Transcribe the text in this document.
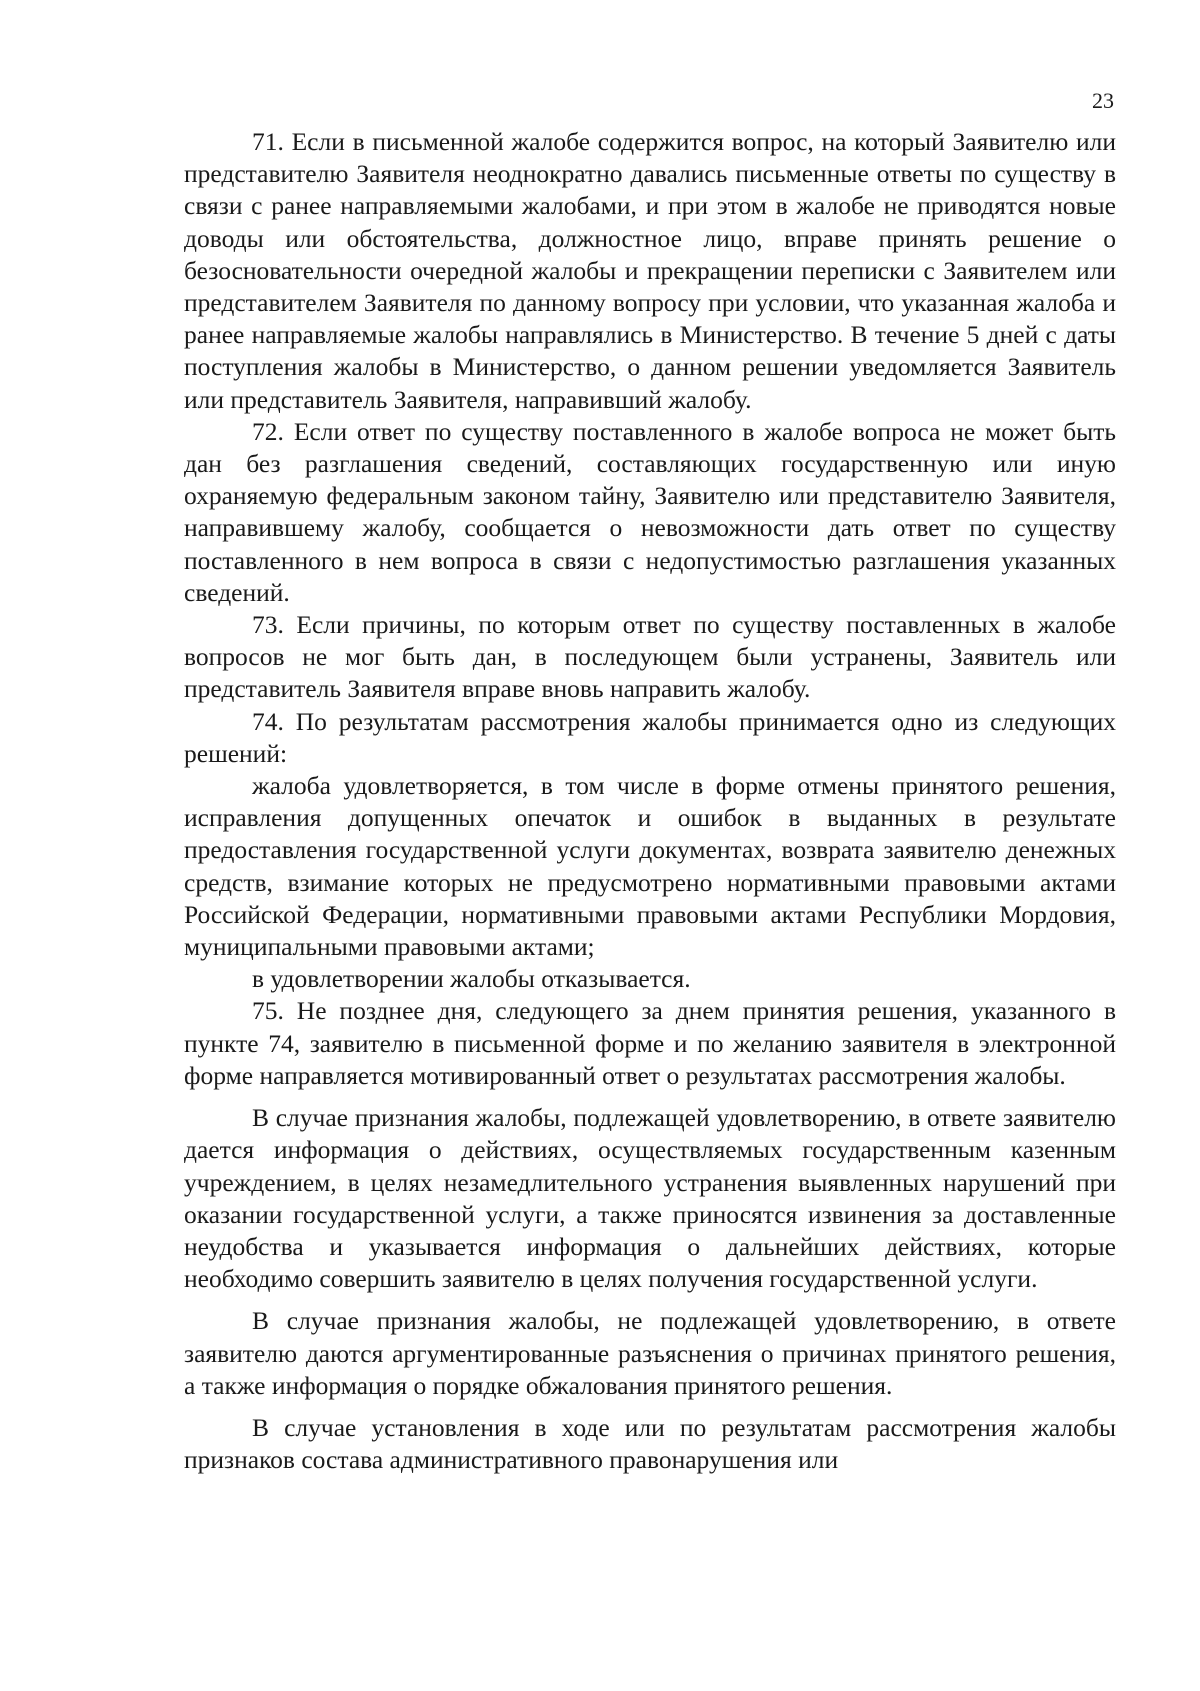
23

71. Если в письменной жалобе содержится вопрос, на который Заявителю или представителю Заявителя неоднократно давались письменные ответы по существу в связи с ранее направляемыми жалобами, и при этом в жалобе не приводятся новые доводы или обстоятельства, должностное лицо, вправе принять решение о безосновательности очередной жалобы и прекращении переписки с Заявителем или представителем Заявителя по данному вопросу при условии, что указанная жалоба и ранее направляемые жалобы направлялись в Министерство. В течение 5 дней с даты поступления жалобы в Министерство, о данном решении уведомляется Заявитель или представитель Заявителя, направивший жалобу.

72. Если ответ по существу поставленного в жалобе вопроса не может быть дан без разглашения сведений, составляющих государственную или иную охраняемую федеральным законом тайну, Заявителю или представителю Заявителя, направившему жалобу, сообщается о невозможности дать ответ по существу поставленного в нем вопроса в связи с недопустимостью разглашения указанных сведений.

73. Если причины, по которым ответ по существу поставленных в жалобе вопросов не мог быть дан, в последующем были устранены, Заявитель или представитель Заявителя вправе вновь направить жалобу.

74. По результатам рассмотрения жалобы принимается одно из следующих решений:

жалоба удовлетворяется, в том числе в форме отмены принятого решения, исправления допущенных опечаток и ошибок в выданных в результате предоставления государственной услуги документах, возврата заявителю денежных средств, взимание которых не предусмотрено нормативными правовыми актами Российской Федерации, нормативными правовыми актами Республики Мордовия, муниципальными правовыми актами;

в удовлетворении жалобы отказывается.

75. Не позднее дня, следующего за днем принятия решения, указанного в пункте 74, заявителю в письменной форме и по желанию заявителя в электронной форме направляется мотивированный ответ о результатах рассмотрения жалобы.

В случае признания жалобы, подлежащей удовлетворению, в ответе заявителю дается информация о действиях, осуществляемых государственным казенным учреждением, в целях незамедлительного устранения выявленных нарушений при оказании государственной услуги, а также приносятся извинения за доставленные неудобства и указывается информация о дальнейших действиях, которые необходимо совершить заявителю в целях получения государственной услуги.

В случае признания жалобы, не подлежащей удовлетворению, в ответе заявителю даются аргументированные разъяснения о причинах принятого решения, а также информация о порядке обжалования принятого решения.

В случае установления в ходе или по результатам рассмотрения жалобы признаков состава административного правонарушения или
